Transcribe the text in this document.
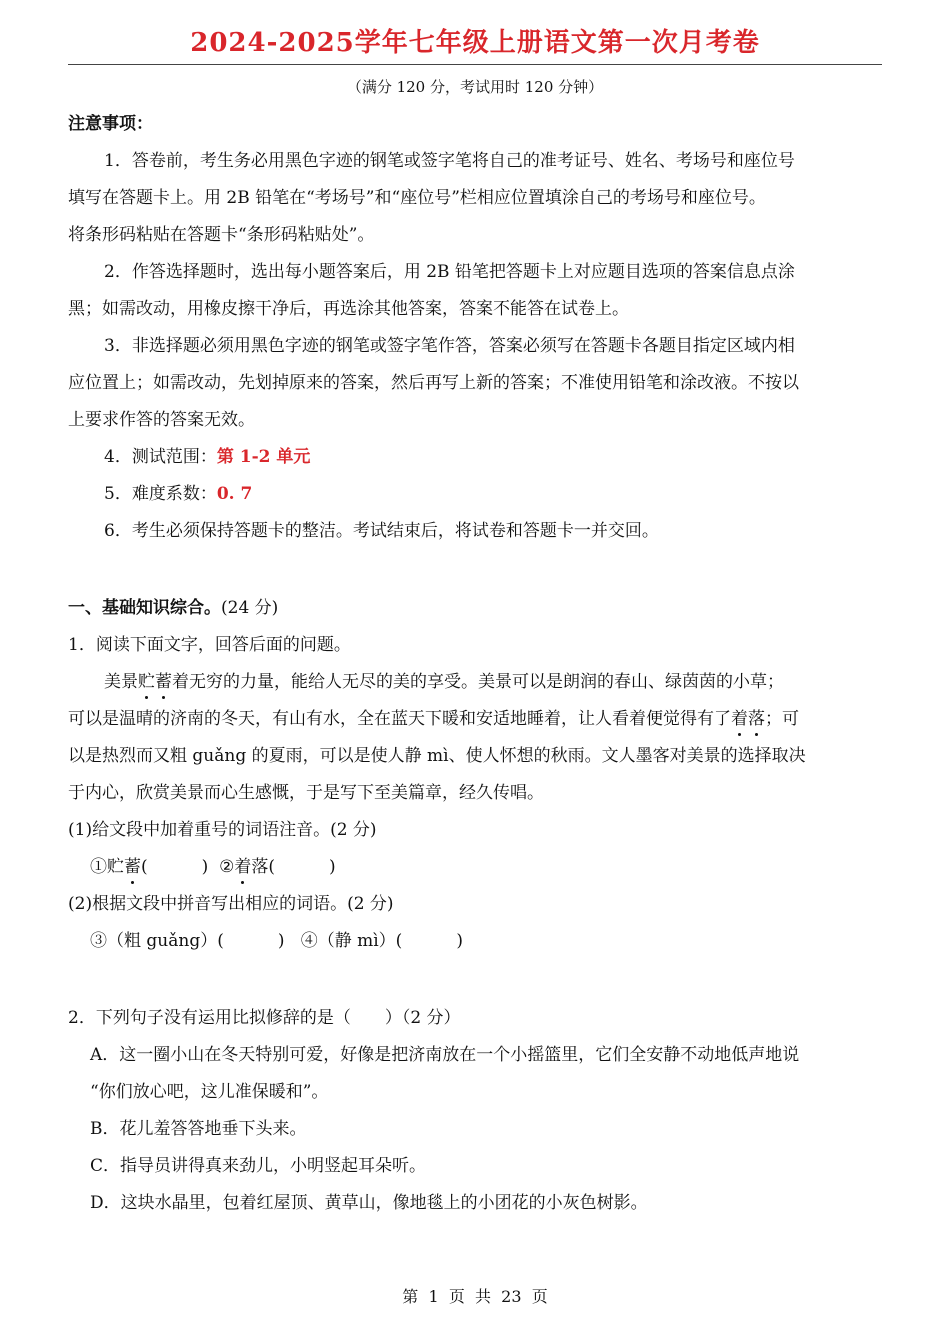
2024-2025学年七年级上册语文第一次月考卷
（满分 120 分，考试用时 120 分钟）
注意事项：
1．答卷前，考生务必用黑色字迹的钢笔或签字笔将自己的准考证号、姓名、考场号和座位号
填写在答题卡上。用 2B 铅笔在“考场号”和“座位号”栏相应位置填涂自己的考场号和座位号。
将条形码粘贴在答题卡“条形码粘贴处”。
2．作答选择题时，选出每小题答案后，用 2B 铅笔把答题卡上对应题目选项的答案信息点涂
黑；如需改动，用橡皮擦干净后，再选涂其他答案，答案不能答在试卷上。
3．非选择题必须用黑色字迹的钢笔或签字笔作答，答案必须写在答题卡各题目指定区域内相
应位置上；如需改动，先划掉原来的答案，然后再写上新的答案；不准使用铅笔和涂改液。不按以
上要求作答的答案无效。
4．测试范围：第 1-2 单元
5．难度系数：0. 7
6．考生必须保持答题卡的整洁。考试结束后，将试卷和答题卡一并交回。
一、基础知识综合。(24 分)
1．阅读下面文字，回答后面的问题。
美景贮蓄着无穷的力量，能给人无尽的美的享受。美景可以是朗润的春山、绿茵茵的小草；
可以是温晴的济南的冬天，有山有水，全在蓝天下暖和安适地睡着，让人看着便觉得有了着落；可
以是热烈而又粗 guǎng 的夏雨，可以是使人静 mì、使人怀想的秋雨。文人墨客对美景的选择取决
于内心，欣赏美景而心生感慨，于是写下至美篇章，经久传唱。
(1)给文段中加着重号的词语注音。(2 分)
①贮蓄(          )  ②着落(          )
(2)根据文段中拼音写出相应的词语。(2 分)
③（粗 guǎng）(          )   ④（静 mì）(          )
2．下列句子没有运用比拟修辞的是（　　）（2 分）
A．这一圈小山在冬天特别可爱，好像是把济南放在一个小摇篮里，它们全安静不动地低声地说
“你们放心吧，这儿准保暖和”。
B．花儿羞答答地垂下头来。
C．指导员讲得真来劲儿，小明竖起耳朵听。
D．这块水晶里，包着红屋顶、黄草山，像地毯上的小团花的小灰色树影。
第  1  页  共  23  页
